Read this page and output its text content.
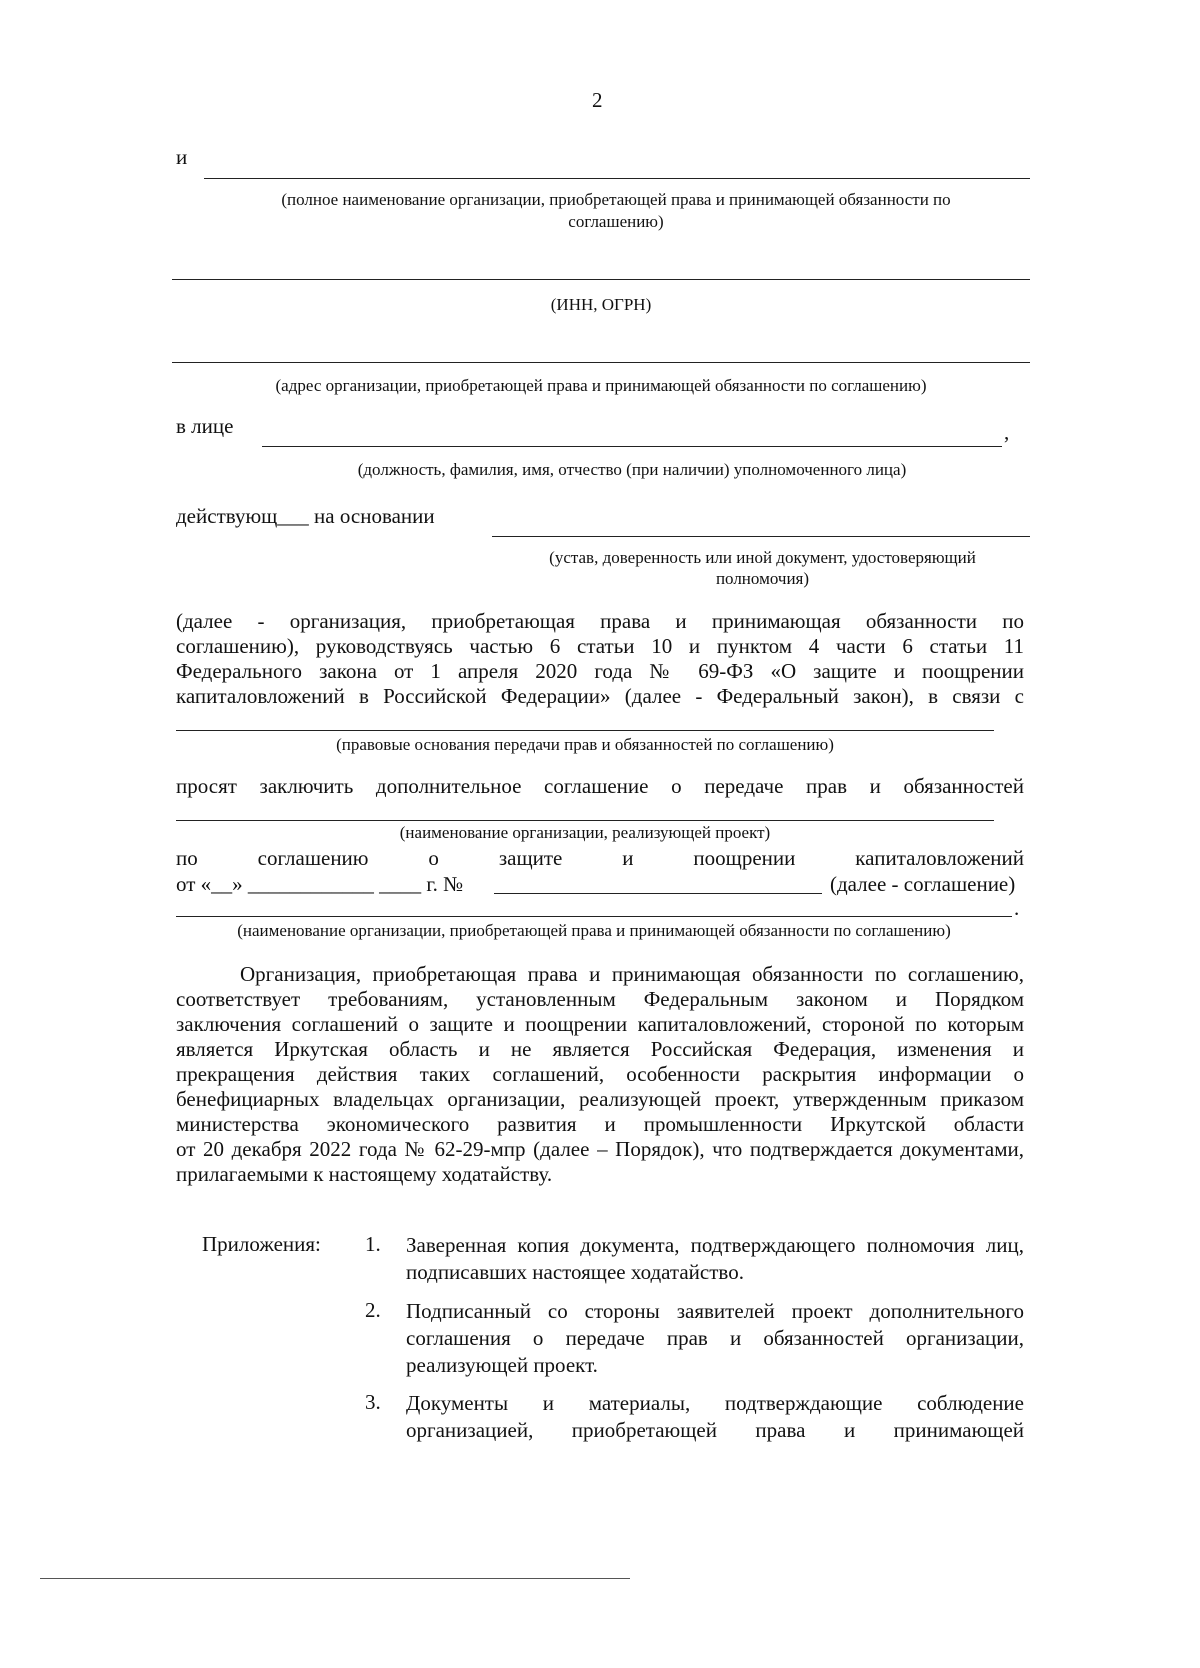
2
и
(полное наименование организации, приобретающей права и принимающей обязанности по
соглашению)
(ИНН, ОГРН)
(адрес организации, приобретающей права и принимающей обязанности по соглашению)
в лице	,
(должность, фамилия, имя, отчество (при наличии) уполномоченного лица)
действующ___ на основании
(устав, доверенность или иной документ, удостоверяющий
полномочия)
(далее - организация, приобретающая права и принимающая обязанности по
соглашению), руководствуясь частью 6 статьи 10 и пунктом 4 части 6 статьи 11
Федерального закона от 1 апреля 2020 года № 69-ФЗ «О защите и поощрении
капиталовложений в Российской Федерации» (далее - Федеральный закон), в связи с
(правовые основания передачи прав и обязанностей по соглашению)
просят заключить дополнительное соглашение о передаче прав и обязанностей
(наименование организации, реализующей проект)
по соглашению о защите и поощрении капиталовложений
от «__» ____________ ____ г. №	(далее - соглашение)
.
(наименование организации, приобретающей права и принимающей обязанности по соглашению)
Организация, приобретающая права и принимающая обязанности по соглашению,
соответствует требованиям, установленным Федеральным законом и Порядком
заключения соглашений о защите и поощрении капиталовложений, стороной по которым
является Иркутская область и не является Российская Федерация, изменения и
прекращения действия таких соглашений, особенности раскрытия информации о
бенефициарных владельцах организации, реализующей проект, утвержденным приказом
министерства экономического развития и промышленности Иркутской области
от 20 декабря 2022 года № 62-29-мпр (далее – Порядок), что подтверждается документами,
прилагаемыми к настоящему ходатайству.
Приложения: 1. Заверенная копия документа, подтверждающего полномочия лиц,
подписавших настоящее ходатайство.
2. Подписанный со стороны заявителей проект дополнительного
соглашения о передаче прав и обязанностей организации,
реализующей проект.
3. Документы и материалы, подтверждающие соблюдение
организацией, приобретающей права и принимающей
